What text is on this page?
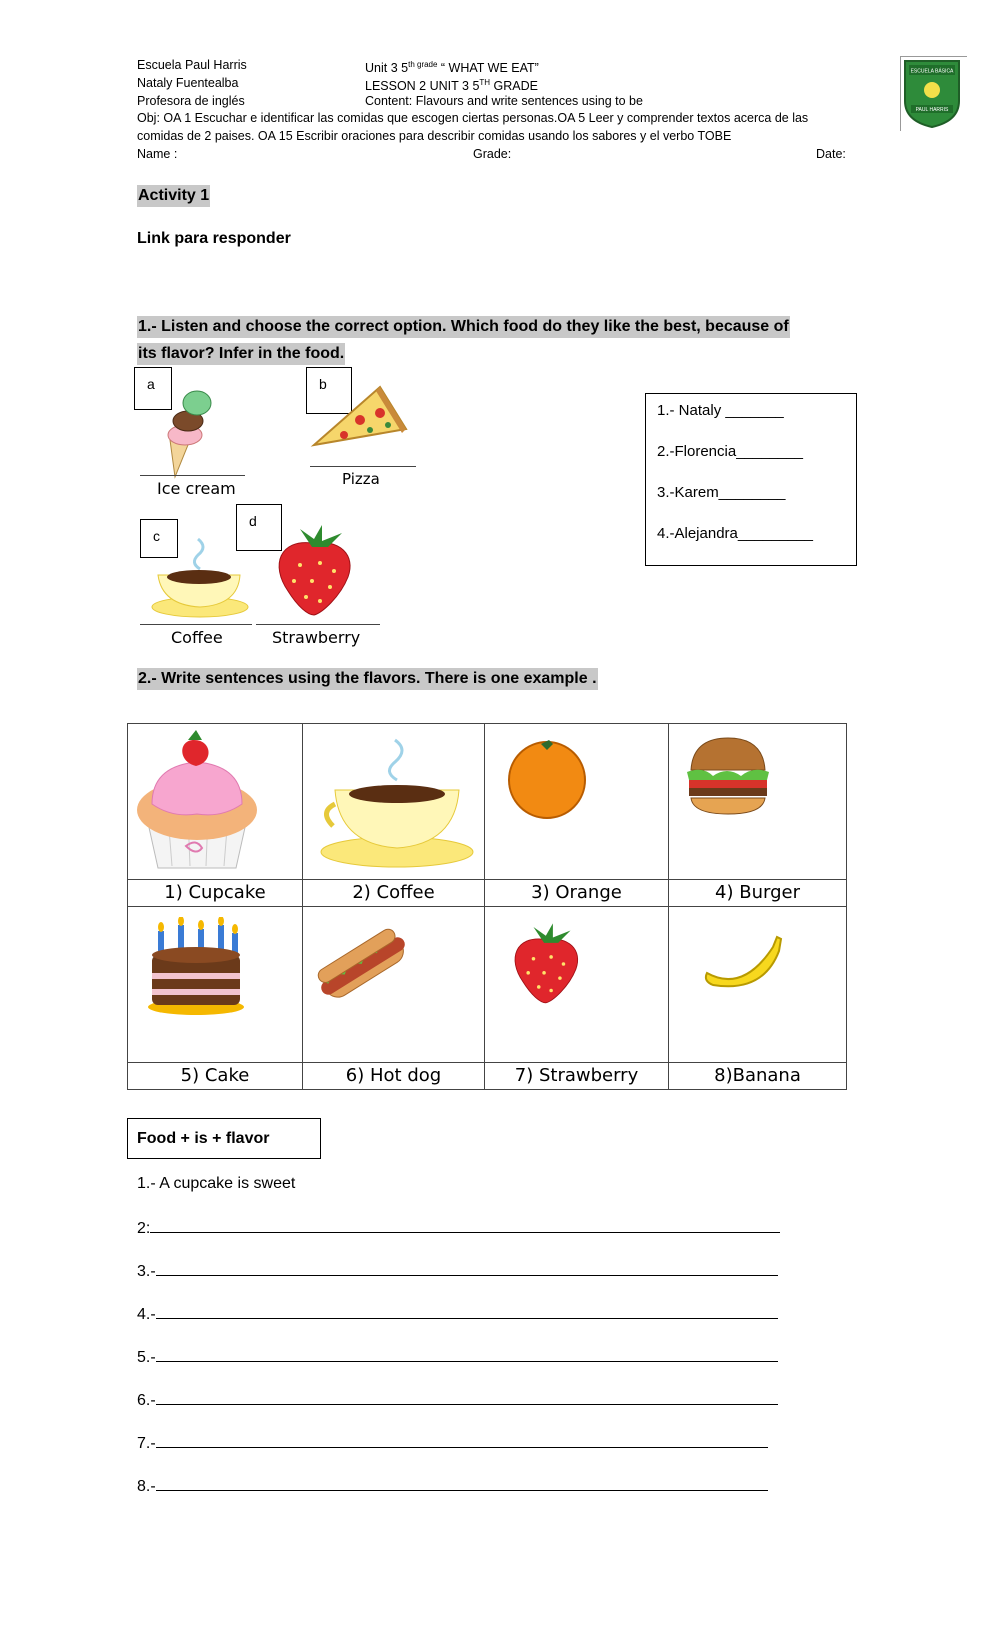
Escuela Paul Harris
Nataly Fuentealba
Profesora de inglés
Unit 3 $5^{th grade}$ “ WHAT WE EAT”
LESSON 2 UNIT 3 5TH GRADE
Content: Flavours and write sentences using to be
Obj: OA 1 Escuchar e identificar las comidas que escogen ciertas personas.OA 5 Leer y comprender textos acerca de las
comidas de 2 paises. OA 15 Escribir oraciones para describir comidas usando los sabores y el verbo TOBE
Name :	Grade:	Date:
ESCUELA BÁSICA
PAUL HARRIS
Activity 1
Link para responder
1.- Listen and choose the correct option. Which food do they like the best, because of
its flavor? Infer in the food.
a
Ice cream
b
Pizza
c
Coffee
d
Strawberry
1.- Nataly _______
2.-Florencia________
3.-Karem________
4.-Alejandra_________
2.- Write sentences using the flavors. There is one example .
1) Cupcake	2) Coffee	3) Orange	4) Burger

5) Cake	6) Hot dog	7) Strawberry	8)Banana
Food + is + flavor
1.- A cupcake is sweet
2:
3.-
4.-
5.-
6.-
7.-
8.-
